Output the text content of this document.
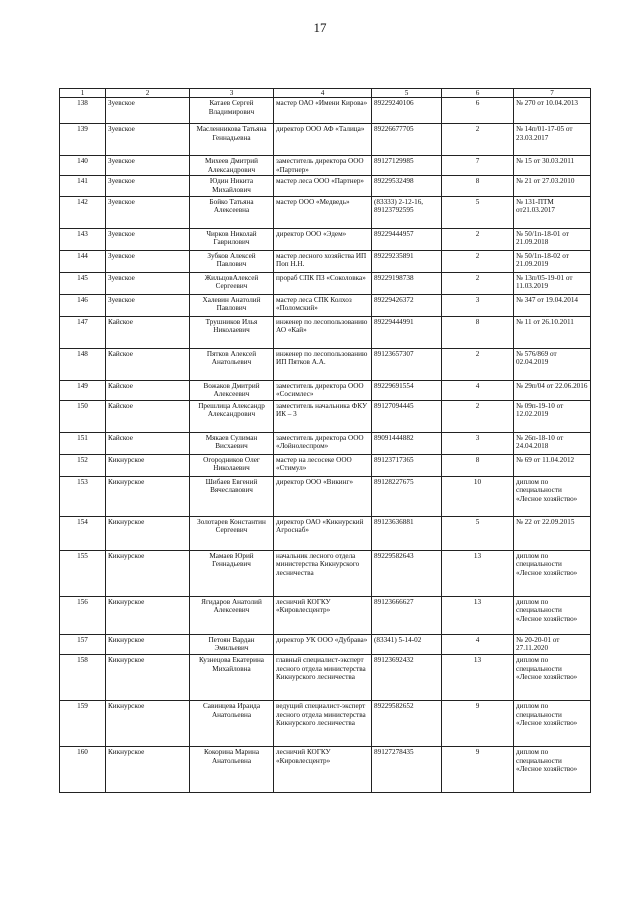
17
1	2	3	4	5	6	7
138	Зуевское	Катаев Сергей Владимирович	мастер ОАО «Имени Кирова»	89229240106	6	№ 270 от 10.04.2013
139	Зуевское	Масленникова Татьяна Геннадьевна	директор ООО АФ «Талица»	89226677705	2	№ 14п/01-17-05 от 23.03.2017
140	Зуевское	Михеев Дмитрий Александрович	заместитель директора ООО «Партнер»	89127129985	7	№ 15 от 30.03.2011
141	Зуевское	Юдин Никита Михайлович	мастер леса ООО «Партнер»	89229532498	8	№ 21 от 27.03.2010
142	Зуевское	Бойко Татьяна Алексеевна	мастер ООО «Медведь»	(83333) 2-12-16, 89123792595	5	№ 131-ПТМ от21.03.2017
143	Зуевское	Чирков Николай Гаврилович	директор ООО «Эдем»	89229444957	2	№ 50/1п-18-01 от 21.09.2018
144	Зуевское	Зубков Алексей Павлович	мастер лесного хозяйства ИП Поп Н.Н.	89229235891	2	№ 50/1п-18-02 от 21.09.2019
145	Зуевское	ЖильцовАлексей Сергеевич	прораб СПК ПЗ «Соколовка»	89229198738	2	№ 13п/05-19-01 от 11.03.2019
146	Зуевское	Халевин Анатолий Павлович	мастер леса СПК Колхоз «Поломский»	89229426372	3	№ 347 от 19.04.2014
147	Кайское	Трушников Илья Николаевич	инженер по лесопользованию АО «Кай»	89229444991	8	№ 11 от 26.10.2011
148	Кайское	Пятков Алексей Анатольевич	инженер по лесопользованию ИП Пятков А.А.	89123657307	2	№ 576/869 от 02.04.2019
149	Кайское	Вожаков Дмитрий Алексеевич	заместитель директора ООО «Сосимлес»	89229691554	4	№ 29п/04 от 22.06.2016
150	Кайское	Прешлица Александр Александрович	заместитель начальника ФКУ ИК – 3	89127094445	2	№ 09п-19-10 от 12.02.2019
151	Кайское	Мякаев Сулиман Висхаевич	заместитель директора ООО «Лойнолеспром»	89091444882	3	№ 26п-18-10 от 24.04.2018
152	Кикнурское	Огородников Олег Николаевич	мастер на лесосеке ООО «Стимул»	89123717365	8	№ 69 от 11.04.2012
153	Кикнурское	Шибаев Евгений Вячеславович	директор ООО «Викинг»	89128227675	10	диплом по специальности «Лесное хозяйство»
154	Кикнурское	Золотарев Константин Сергеевич	директор ОАО «Кикнурский Агроснаб»	89123636881	5	№ 22 от 22.09.2015
155	Кикнурское	Мамаев Юрий Геннадьевич	начальник лесного отдела министерства Кикнурского лесничества	89229582643	13	диплом по специальности «Лесное хозяйство»
156	Кикнурское	Ягидаров Анатолий Алексеевич	лесничий КОГКУ «Кировлесцентр»	89123666627	13	диплом по специальности «Лесное хозяйство»
157	Кикнурское	Петоян Вардан Эмильевич	директор УК ООО «Дубрава»	(83341) 5-14-02	4	№ 20-20-01 от 27.11.2020
158	Кикнурское	Кузнецова Екатерина Михайловна	главный специалист-эксперт лесного отдела министерства Кикнурского лесничества	89123692432	13	диплом по специальности «Лесное хозяйство»
159	Кикнурское	Савинцева Ираида Анатольевна	ведущий специалист-эксперт лесного отдела министерства Кикнурского лесничества	89229582652	9	диплом по специальности «Лесное хозяйство»
160	Кикнурское	Кокорина Марина Анатольевна	лесничий КОГКУ «Кировлесцентр»	89127278435	9	диплом по специальности «Лесное хозяйство»
